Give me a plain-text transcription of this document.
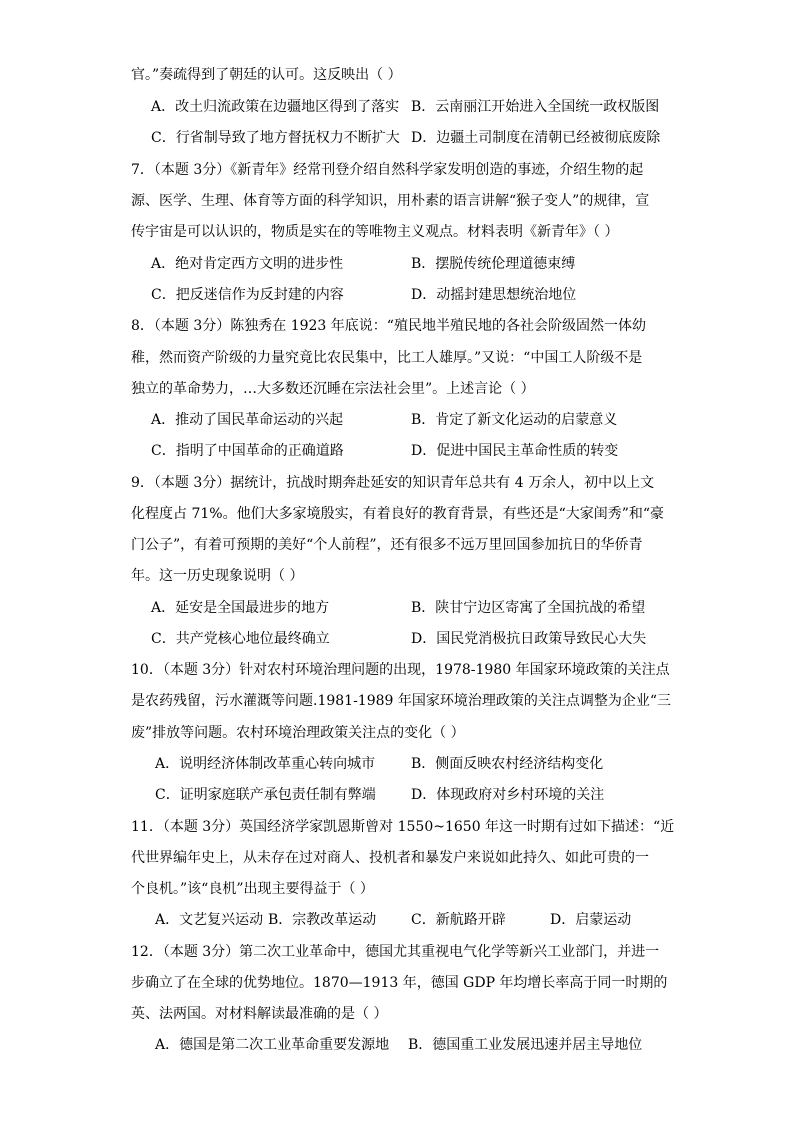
官。”奏疏得到了朝廷的认可。这反映出（ ）
A．改土归流政策在边疆地区得到了落实 B．云南丽江开始进入全国统一政权版图
C．行省制导致了地方督抚权力不断扩大 D．边疆土司制度在清朝已经被彻底废除
7．（本题 3分）《新青年》经常刊登介绍自然科学家发明创造的事迹，介绍生物的起
源、医学、生理、体育等方面的科学知识，用朴素的语言讲解“猴子变人”的规律，宣
传宇宙是可以认识的，物质是实在的等唯物主义观点。材料表明《新青年》（ ）
A．绝对肯定西方文明的进步性	B．摆脱传统伦理道德束缚
C．把反迷信作为反封建的内容	D．动摇封建思想统治地位
8．（本题 3分）陈独秀在 1923 年底说：“殖民地半殖民地的各社会阶级固然一体幼
稚，然而资产阶级的力量究竟比农民集中，比工人雄厚。”又说：“中国工人阶级不是
独立的革命势力，…大多数还沉睡在宗法社会里”。上述言论（ ）
A．推动了国民革命运动的兴起	B．肯定了新文化运动的启蒙意义
C．指明了中国革命的正确道路	D．促进中国民主革命性质的转变
9．（本题 3分）据统计，抗战时期奔赴延安的知识青年总共有 4 万余人，初中以上文
化程度占 71%。他们大多家境殷实，有着良好的教育背景，有些还是“大家闺秀”和“豪
门公子”，有着可预期的美好“个人前程”，还有很多不远万里回国参加抗日的华侨青
年。这一历史现象说明（ ）
A．延安是全国最进步的地方	B．陕甘宁边区寄寓了全国抗战的希望
C．共产党核心地位最终确立	D．国民党消极抗日政策导致民心大失
10．（本题 3分）针对农村环境治理问题的出现，1978-1980 年国家环境政策的关注点
是农药残留，污水灌溉等问题.1981-1989 年国家环境治理政策的关注点调整为企业“三
废”排放等问题。农村环境治理政策关注点的变化（ ）
A．说明经济体制改革重心转向城市	B．侧面反映农村经济结构变化
C．证明家庭联产承包责任制有弊端	D．体现政府对乡村环境的关注
11．（本题 3分）英国经济学家凯恩斯曾对 1550~1650 年这一时期有过如下描述：“近
代世界编年史上，从未存在过对商人、投机者和暴发户来说如此持久、如此可贵的一
个良机。”该“良机”出现主要得益于（ ）
A．文艺复兴运动 B．宗教改革运动 C．新航路开辟	D．启蒙运动
12．（本题 3分）第二次工业革命中，德国尤其重视电气化学等新兴工业部门，并进一
步确立了在全球的优势地位。1870—1913 年，德国 GDP 年均增长率高于同一时期的
英、法两国。对材料解读最准确的是（ ）
A．德国是第二次工业革命重要发源地 B．德国重工业发展迅速并居主导地位
